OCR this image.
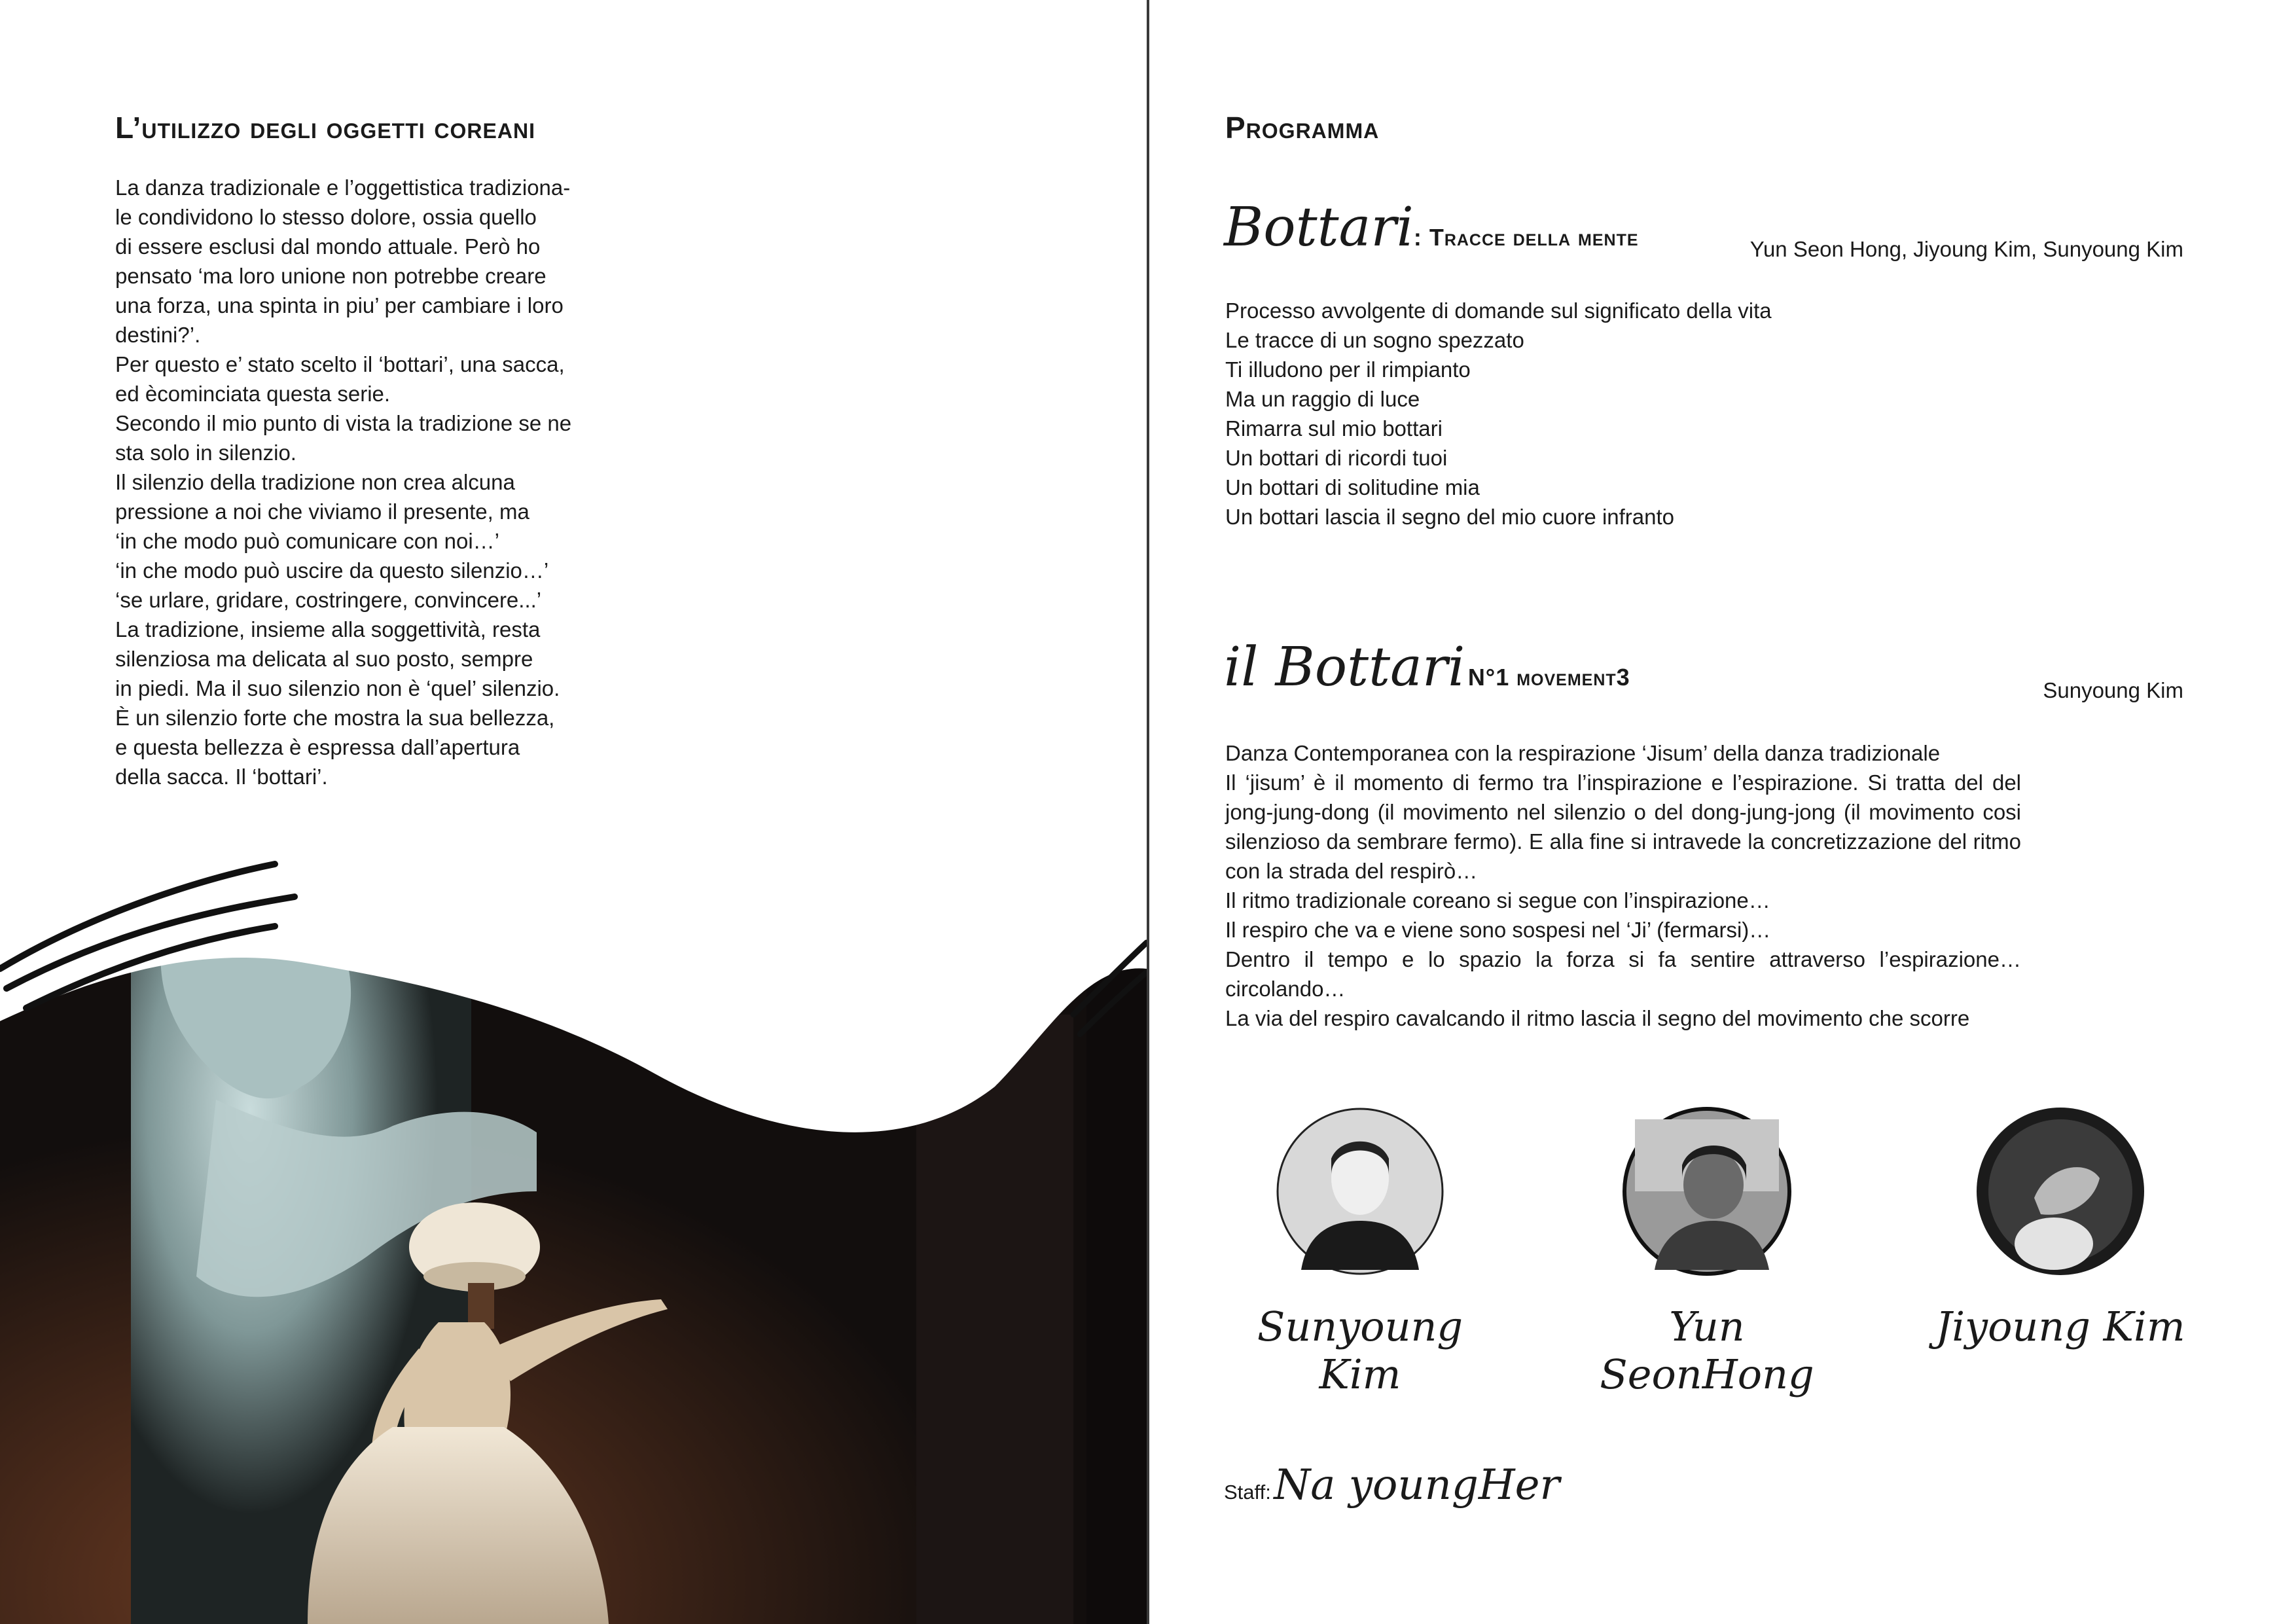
L’utilizzo degli oggetti coreani
La danza tradizionale e l’oggettistica tradiziona-
le condividono lo stesso dolore, ossia quello
di essere esclusi dal mondo attuale. Però ho
pensato ‘ma loro unione non potrebbe creare
una forza, una spinta in piu’ per cambiare i loro
destini?’.
Per questo e’ stato scelto il ‘bottari’, una sacca,
ed ècominciata questa serie.
Secondo il mio punto di vista la tradizione se ne
sta solo in silenzio.
Il silenzio della tradizione non crea alcuna
pressione a noi che viviamo il presente, ma
‘in che modo può comunicare con noi…’
‘in che modo può uscire da questo silenzio…’
‘se urlare, gridare, costringere, convincere...’
La tradizione, insieme alla soggettività, resta
silenziosa ma delicata al suo posto, sempre
in piedi. Ma il suo silenzio non è ‘quel’ silenzio.
È un silenzio forte che mostra la sua bellezza,
e questa bellezza è espressa dall’apertura
della sacca. Il ‘bottari’.
Programma
Bottari: Tracce della mente	Yun Seon Hong, Jiyoung Kim, Sunyoung Kim
Processo avvolgente di domande sul significato della vita
Le tracce di un sogno spezzato
Ti illudono per il rimpianto
Ma un raggio di luce
Rimarra sul mio bottari
Un bottari di ricordi tuoi
Un bottari di solitudine mia
Un bottari lascia il segno del mio cuore infranto
il Bottari N°1 movement3	Sunyoung Kim

Danza Contemporanea con la respirazione ‘Jisum’ della danza tradizionale

Il ‘jisum’ è il momento di fermo tra l’inspirazione e l’espirazione. Si tratta del del jong-jung-dong (il movimento nel silenzio o del dong-jung-jong (il movimento cosi silenzioso da sembrare fermo). E alla fine si intravede la concretizzazione del ritmo con la strada del respirò…

Il ritmo tradizionale coreano si segue con l’inspirazione…

Il respiro che va e viene sono sospesi nel ‘Ji’ (fermarsi)…

Dentro il tempo e lo spazio la forza si fa sentire attraverso l’espirazione… circolando…

La via del respiro cavalcando il ritmo lascia il segno del movimento che scorre

Sunyoung Kim
Yun SeonHong
Jiyoung Kim
Staff: Na youngHer
